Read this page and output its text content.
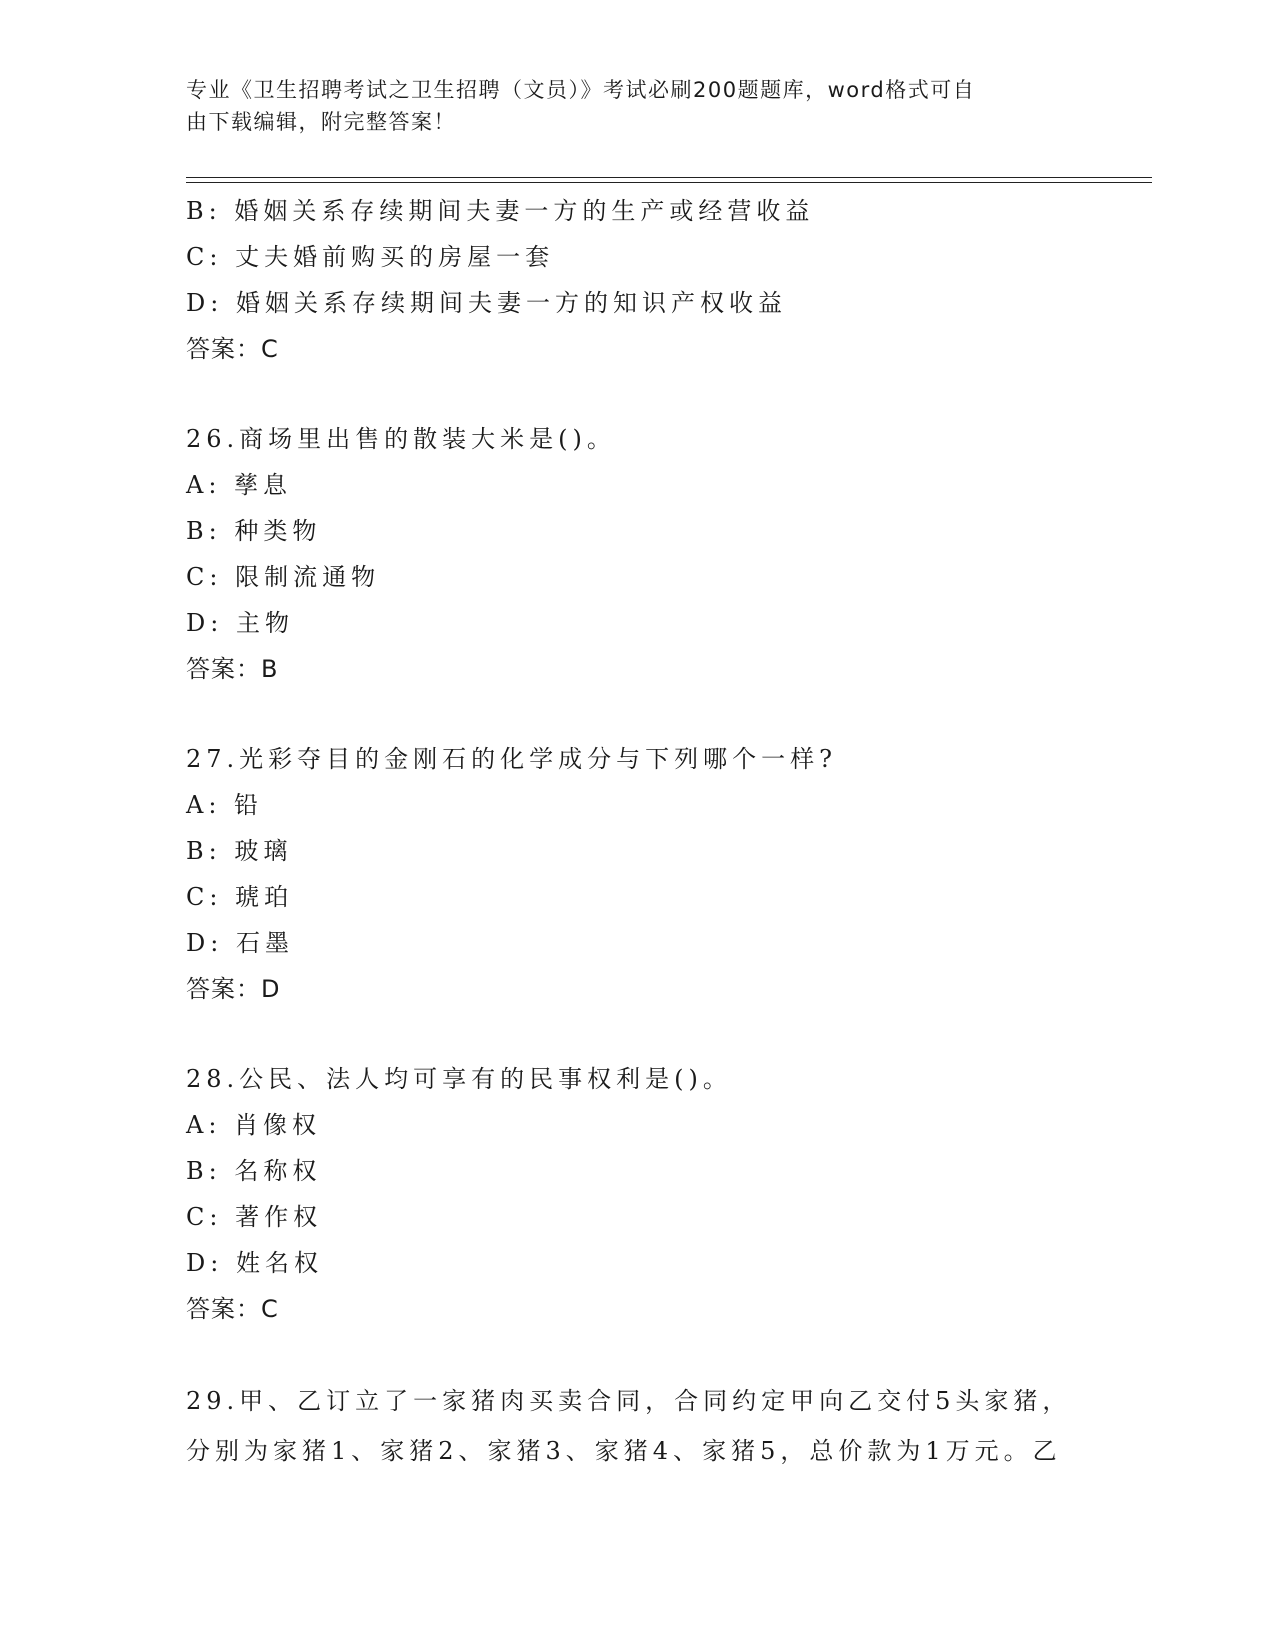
专业《卫生招聘考试之卫生招聘（文员）》考试必刷200题题库，word格式可自
由下载编辑，附完整答案！
B: 婚姻关系存续期间夫妻一方的生产或经营收益
C: 丈夫婚前购买的房屋一套
D: 婚姻关系存续期间夫妻一方的知识产权收益
答案：C
26.商场里出售的散装大米是()。
A: 孳息
B: 种类物
C: 限制流通物
D: 主物
答案：B
27.光彩夺目的金刚石的化学成分与下列哪个一样?
A: 铅
B: 玻璃
C: 琥珀
D: 石墨
答案：D
28.公民、法人均可享有的民事权利是()。
A: 肖像权
B: 名称权
C: 著作权
D: 姓名权
答案：C
29.甲、乙订立了一家猪肉买卖合同，合同约定甲向乙交付5头家猪，
分别为家猪1、家猪2、家猪3、家猪4、家猪5，总价款为1万元。乙
